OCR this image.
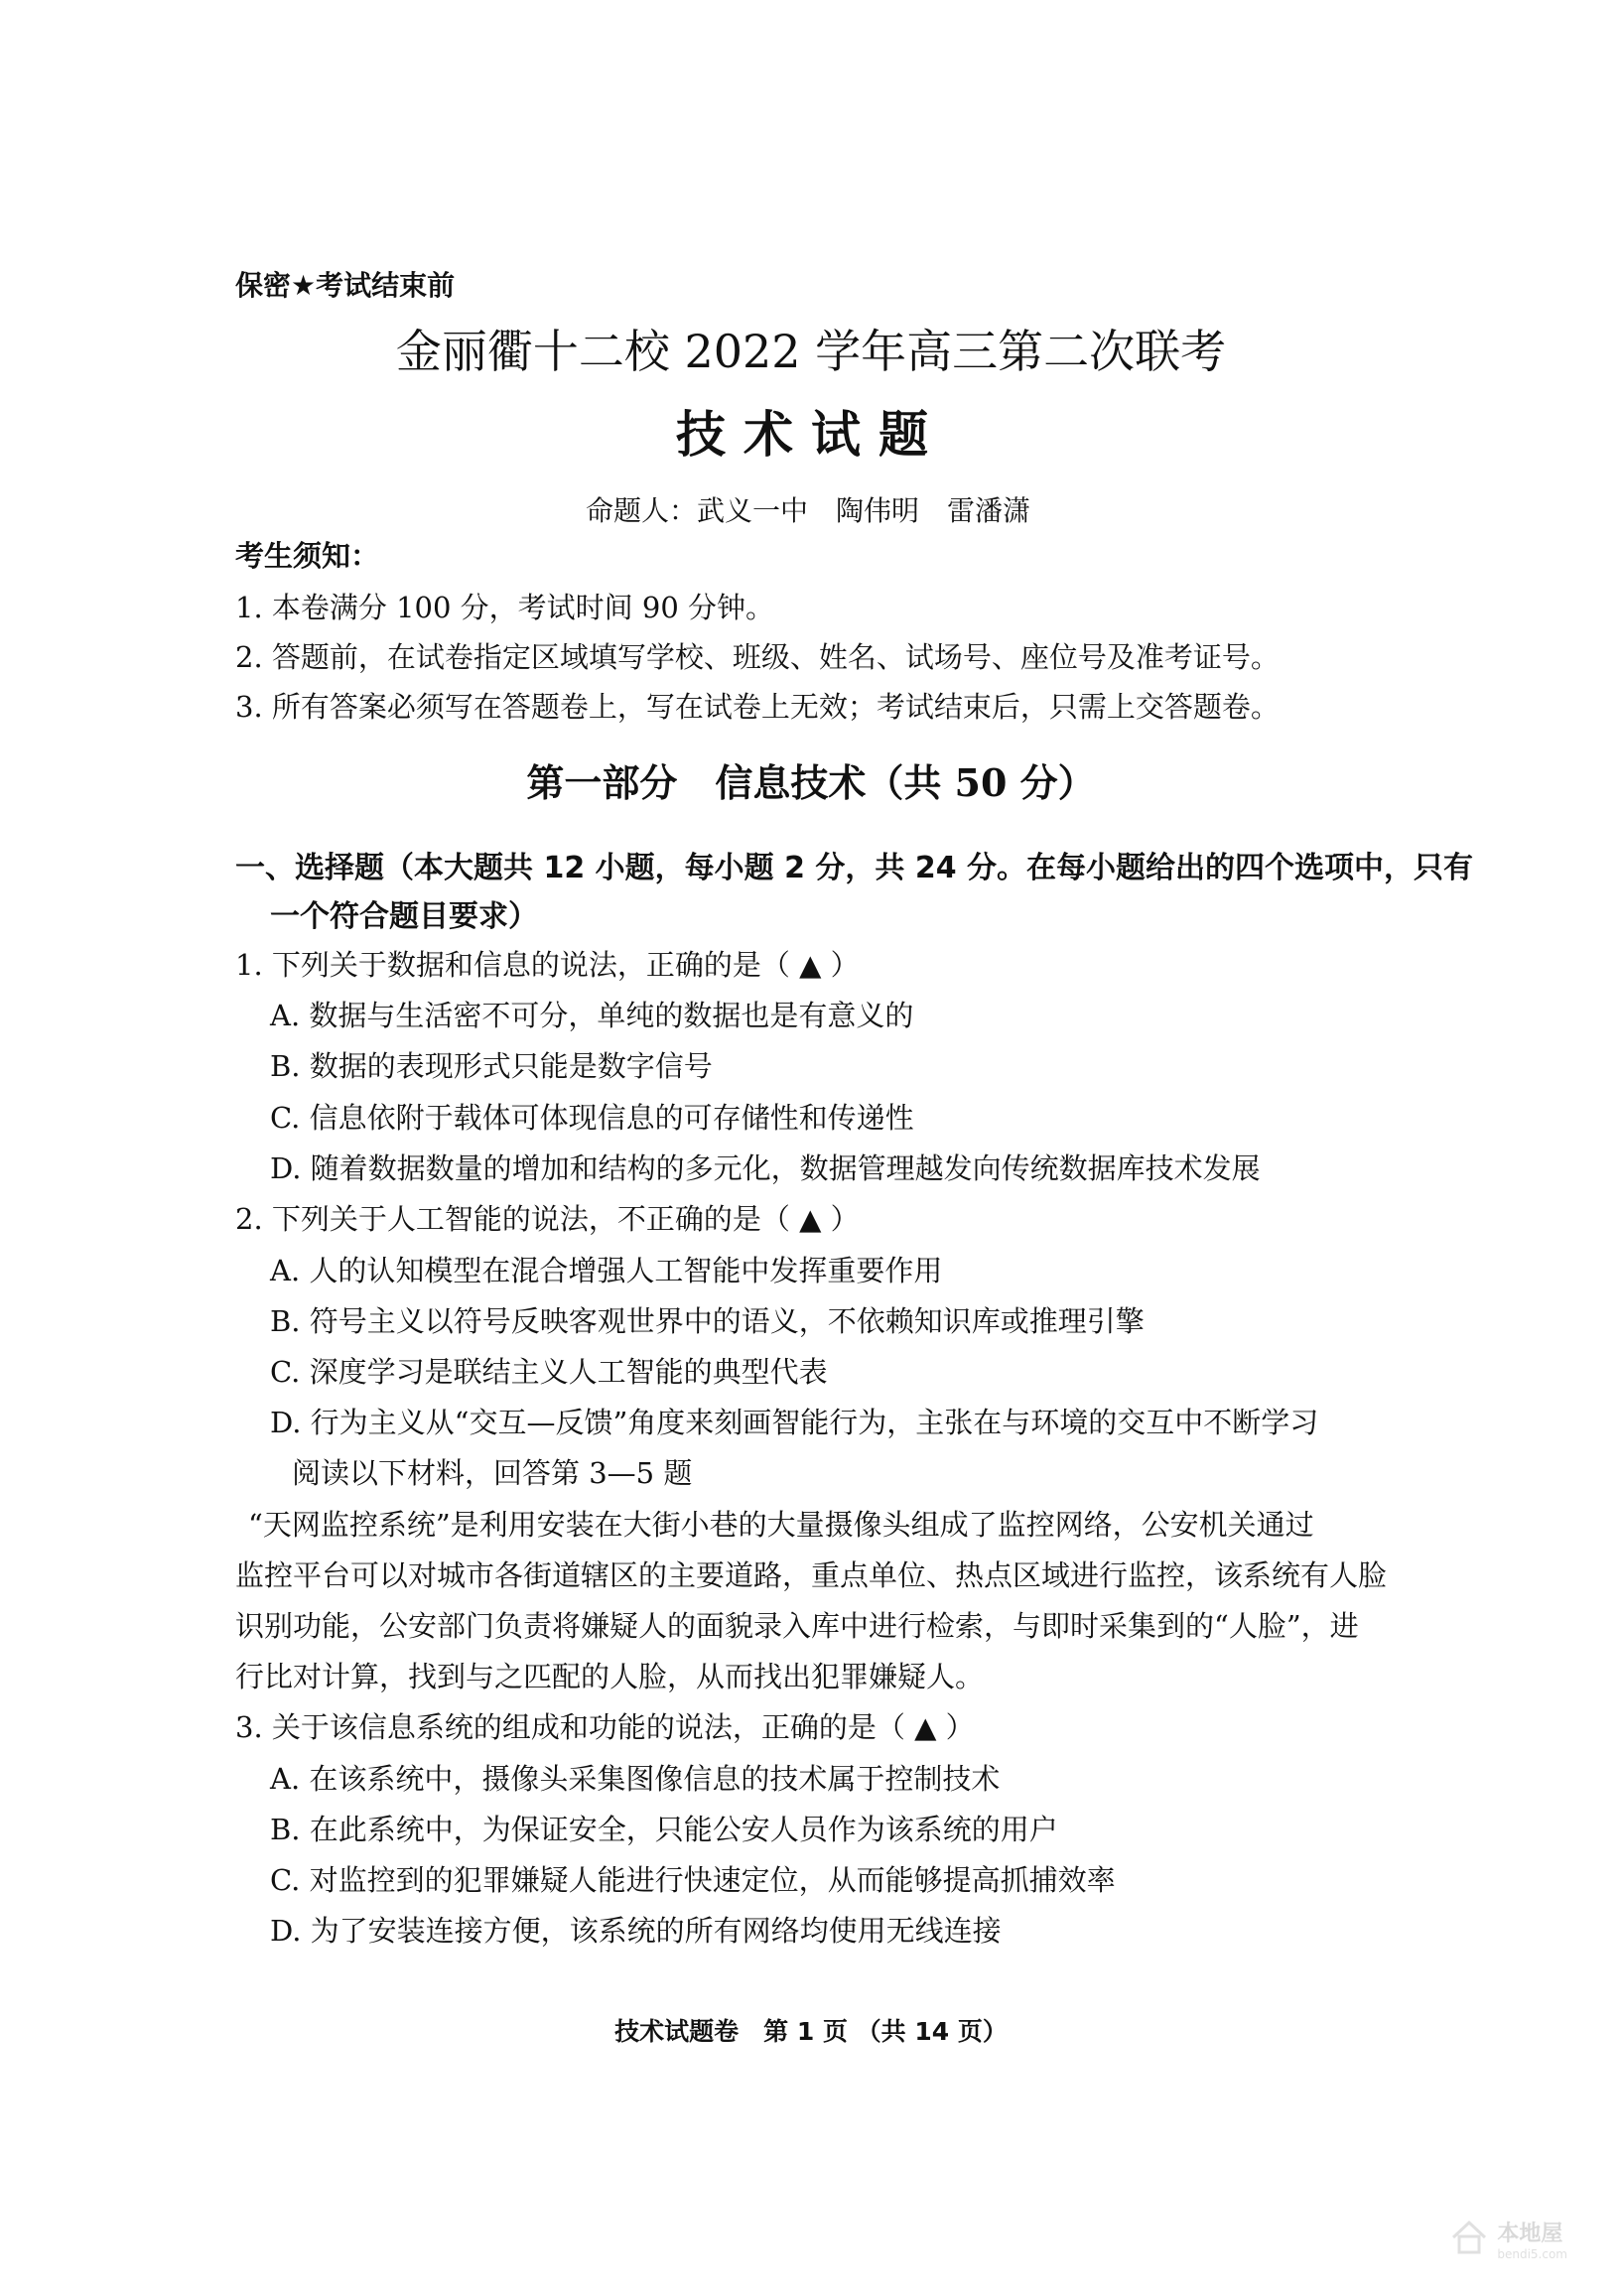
保密★考试结束前
金丽衢十二校 2022 学年高三第二次联考
技术试题
命题人：武义一中　陶伟明　雷潘潇
考生须知：
1. 本卷满分 100 分，考试时间 90 分钟。
2. 答题前，在试卷指定区域填写学校、班级、姓名、试场号、座位号及准考证号。
3. 所有答案必须写在答题卷上，写在试卷上无效；考试结束后，只需上交答题卷。
第一部分　信息技术（共 50 分）
一、选择题（本大题共 12 小题，每小题 2 分，共 24 分。在每小题给出的四个选项中，只有
一个符合题目要求）
1. 下列关于数据和信息的说法，正确的是（ ▲ ）
A. 数据与生活密不可分，单纯的数据也是有意义的
B. 数据的表现形式只能是数字信号
C. 信息依附于载体可体现信息的可存储性和传递性
D. 随着数据数量的增加和结构的多元化，数据管理越发向传统数据库技术发展
2. 下列关于人工智能的说法，不正确的是（ ▲ ）
A. 人的认知模型在混合增强人工智能中发挥重要作用
B. 符号主义以符号反映客观世界中的语义，不依赖知识库或推理引擎
C. 深度学习是联结主义人工智能的典型代表
D. 行为主义从“交互—反馈”角度来刻画智能行为，主张在与环境的交互中不断学习
阅读以下材料，回答第 3—5 题
“天网监控系统”是利用安装在大街小巷的大量摄像头组成了监控网络，公安机关通过
监控平台可以对城市各街道辖区的主要道路，重点单位、热点区域进行监控，该系统有人脸
识别功能，公安部门负责将嫌疑人的面貌录入库中进行检索，与即时采集到的“人脸”，进
行比对计算，找到与之匹配的人脸，从而找出犯罪嫌疑人。
3. 关于该信息系统的组成和功能的说法，正确的是（ ▲ ）
A. 在该系统中，摄像头采集图像信息的技术属于控制技术
B. 在此系统中，为保证安全，只能公安人员作为该系统的用户
C. 对监控到的犯罪嫌疑人能进行快速定位，从而能够提高抓捕效率
D. 为了安装连接方便，该系统的所有网络均使用无线连接
技术试题卷　第 1 页 （共 14 页）
本地屋
bendi5.com
